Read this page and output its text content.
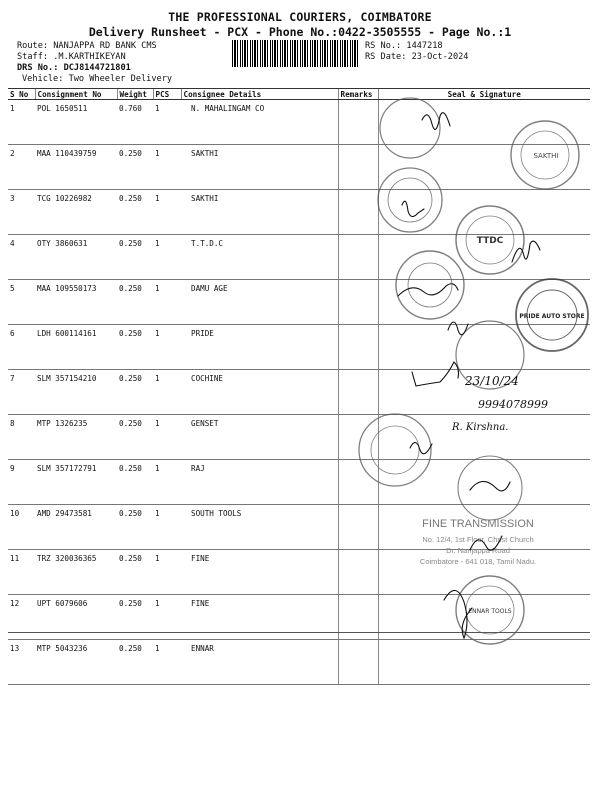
THE PROFESSIONAL COURIERS, COIMBATORE
Delivery Runsheet - PCX - Phone No.:0422-3505555 - Page No.:1
Route: NANJAPPA RD BANK CMS
Staff: .M.KARTHIKEYAN
DRS No.: DCJ8144721801
Vehicle: Two Wheeler Delivery
RS No.: 1447218
RS Date: 23-Oct-2024
S No	Consignment No	Weight	PCS	Consignee Details	Remarks	Seal & Signature
1	POL 1650511	0.760	1	N. MAHALINGAM CO		
2	MAA 110439759	0.250	1	SAKTHI		
3	TCG 10226982	0.250	1	SAKTHI		
4	OTY 3860631	0.250	1	T.T.D.C		
5	MAA 109550173	0.250	1	DAMU AGE		
6	LDH 600114161	0.250	1	PRIDE		
7	SLM 357154210	0.250	1	COCHINE		
8	MTP 1326235	0.250	1	GENSET		
9	SLM 357172791	0.250	1	RAJ		
10	AMD 29473581	0.250	1	SOUTH TOOLS		
11	TRZ 320036365	0.250	1	FINE		
12	UPT 6079606	0.250	1	FINE		
13	MTP 5043236	0.250	1	ENNAR		
SAKTHI
TTDC
PRIDE AUTO STORE
ENNAR TOOLS
FINE TRANSMISSION
No. 12/4, 1st Floor, Christ Church
Dr. Nanjappa Road
Coimbatore - 641 018, Tamil Nadu.
23/10/24
9994078999
R. Kirshna.
